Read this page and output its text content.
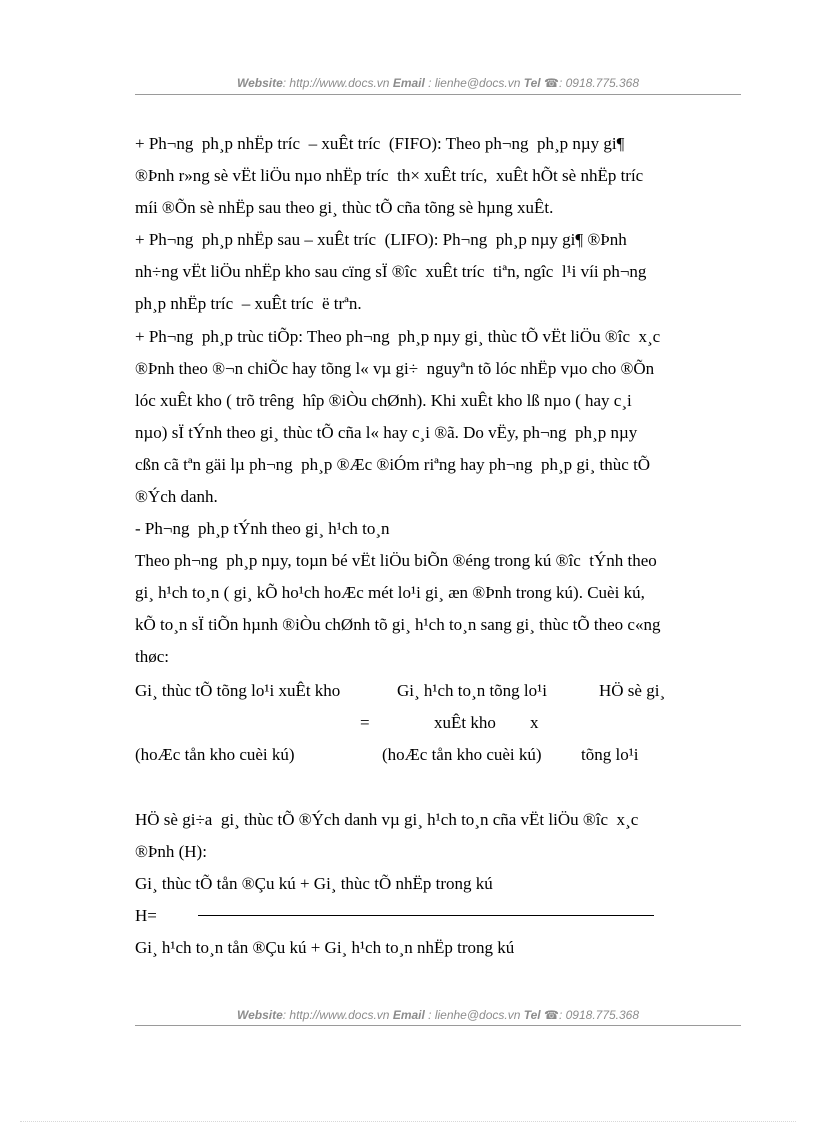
Website: http://www.docs.vn Email : lienhe@docs.vn Tel ☎: 0918.775.368
+ Ph¬ng  ph¸p nhËp tríc  – xuÊt tríc  (FIFO): Theo ph¬ng  ph¸p nµy gi¶
®Þnh r»ng sè vËt liÖu nµo nhËp tríc  th× xuÊt tríc,  xuÊt hÕt sè nhËp tríc
míi ®Õn sè nhËp sau theo gi¸ thùc tÕ cña tõng sè hµng xuÊt.
+ Ph¬ng  ph¸p nhËp sau – xuÊt tríc  (LIFO): Ph¬ng  ph¸p nµy gi¶ ®Þnh
nh÷ng vËt liÖu nhËp kho sau cïng sÏ ®îc  xuÊt tríc  tiªn, ngîc  l¹i víi ph¬ng
ph¸p nhËp tríc  – xuÊt tríc  ë trªn.
+ Ph¬ng  ph¸p trùc tiÕp: Theo ph¬ng  ph¸p nµy gi¸ thùc tÕ vËt liÖu ®îc  x¸c
®Þnh theo ®¬n chiÕc hay tõng l« vµ gi÷  nguyªn tõ lóc nhËp vµo cho ®Õn
lóc xuÊt kho ( trõ trêng  hîp ®iÒu chØnh). Khi xuÊt kho lß nµo ( hay c¸i
nµo) sÏ tÝnh theo gi¸ thùc tÕ cña l« hay c¸i ®ã. Do vËy, ph¬ng  ph¸p nµy
cßn cã tªn gäi lµ ph¬ng  ph¸p ®Æc ®iÓm riªng hay ph¬ng  ph¸p gi¸ thùc tÕ
®Ých danh.
- Ph¬ng  ph¸p tÝnh theo gi¸ h¹ch to¸n
Theo ph¬ng  ph¸p nµy, toµn bé vËt liÖu biÕn ®éng trong kú ®îc  tÝnh theo
gi¸ h¹ch to¸n ( gi¸ kÕ ho¹ch hoÆc mét lo¹i gi¸ æn ®Þnh trong kú). Cuèi kú,
kÕ to¸n sÏ tiÕn hµnh ®iÒu chØnh tõ gi¸ h¹ch to¸n sang gi¸ thùc tÕ theo c«ng
thøc:
Gi¸ thùc tÕ tõng lo¹i xuÊt kho	Gi¸ h¹ch to¸n tõng lo¹i	HÖ sè gi¸
=	xuÊt kho x
(hoÆc tån kho cuèi kú)	(hoÆc tån kho cuèi kú) tõng lo¹i
HÖ sè gi÷a  gi¸ thùc tÕ ®Ých danh vµ gi¸ h¹ch to¸n cña vËt liÖu ®îc  x¸c
®Þnh (H):
Gi¸ thùc tÕ tån ®Çu kú + Gi¸ thùc tÕ nhËp trong kú
H=
Gi¸ h¹ch to¸n tån ®Çu kú + Gi¸ h¹ch to¸n nhËp trong kú
Website: http://www.docs.vn Email : lienhe@docs.vn Tel ☎: 0918.775.368
